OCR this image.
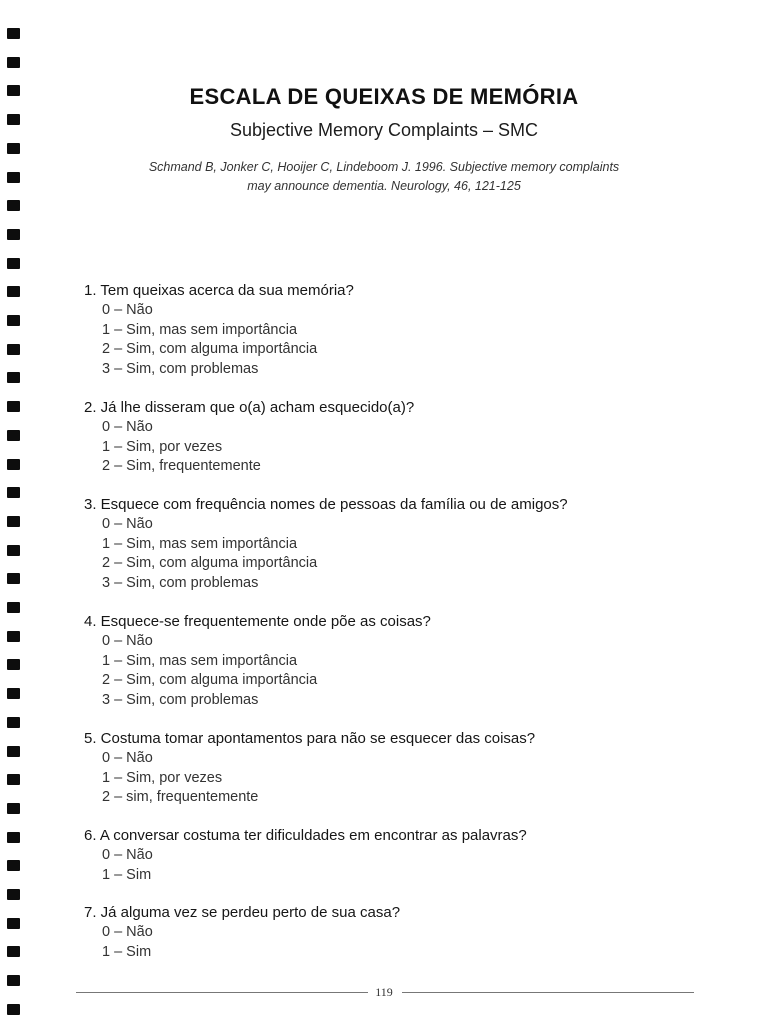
ESCALA DE QUEIXAS DE MEMÓRIA
Subjective Memory Complaints – SMC
Schmand B, Jonker C, Hooijer C, Lindeboom J. 1996. Subjective memory complaints
may announce dementia. Neurology, 46, 121-125
1. Tem queixas acerca da sua memória?
0 – Não
1 – Sim, mas sem importância
2 – Sim, com alguma importância
3 – Sim, com problemas
2. Já lhe disseram que o(a) acham esquecido(a)?
0 – Não
1 – Sim, por vezes
2 – Sim, frequentemente
3. Esquece com frequência nomes de pessoas da família ou de amigos?
0 – Não
1 – Sim, mas sem importância
2 – Sim, com alguma importância
3 – Sim, com problemas
4. Esquece-se frequentemente onde põe as coisas?
0 – Não
1 – Sim, mas sem importância
2 – Sim, com alguma importância
3 – Sim, com problemas
5. Costuma tomar apontamentos para não se esquecer das coisas?
0 – Não
1 – Sim, por vezes
2 – sim, frequentemente
6. A conversar costuma ter dificuldades em encontrar as palavras?
0 – Não
1 – Sim
7. Já alguma vez se perdeu perto de sua casa?
0 – Não
1 – Sim
119
